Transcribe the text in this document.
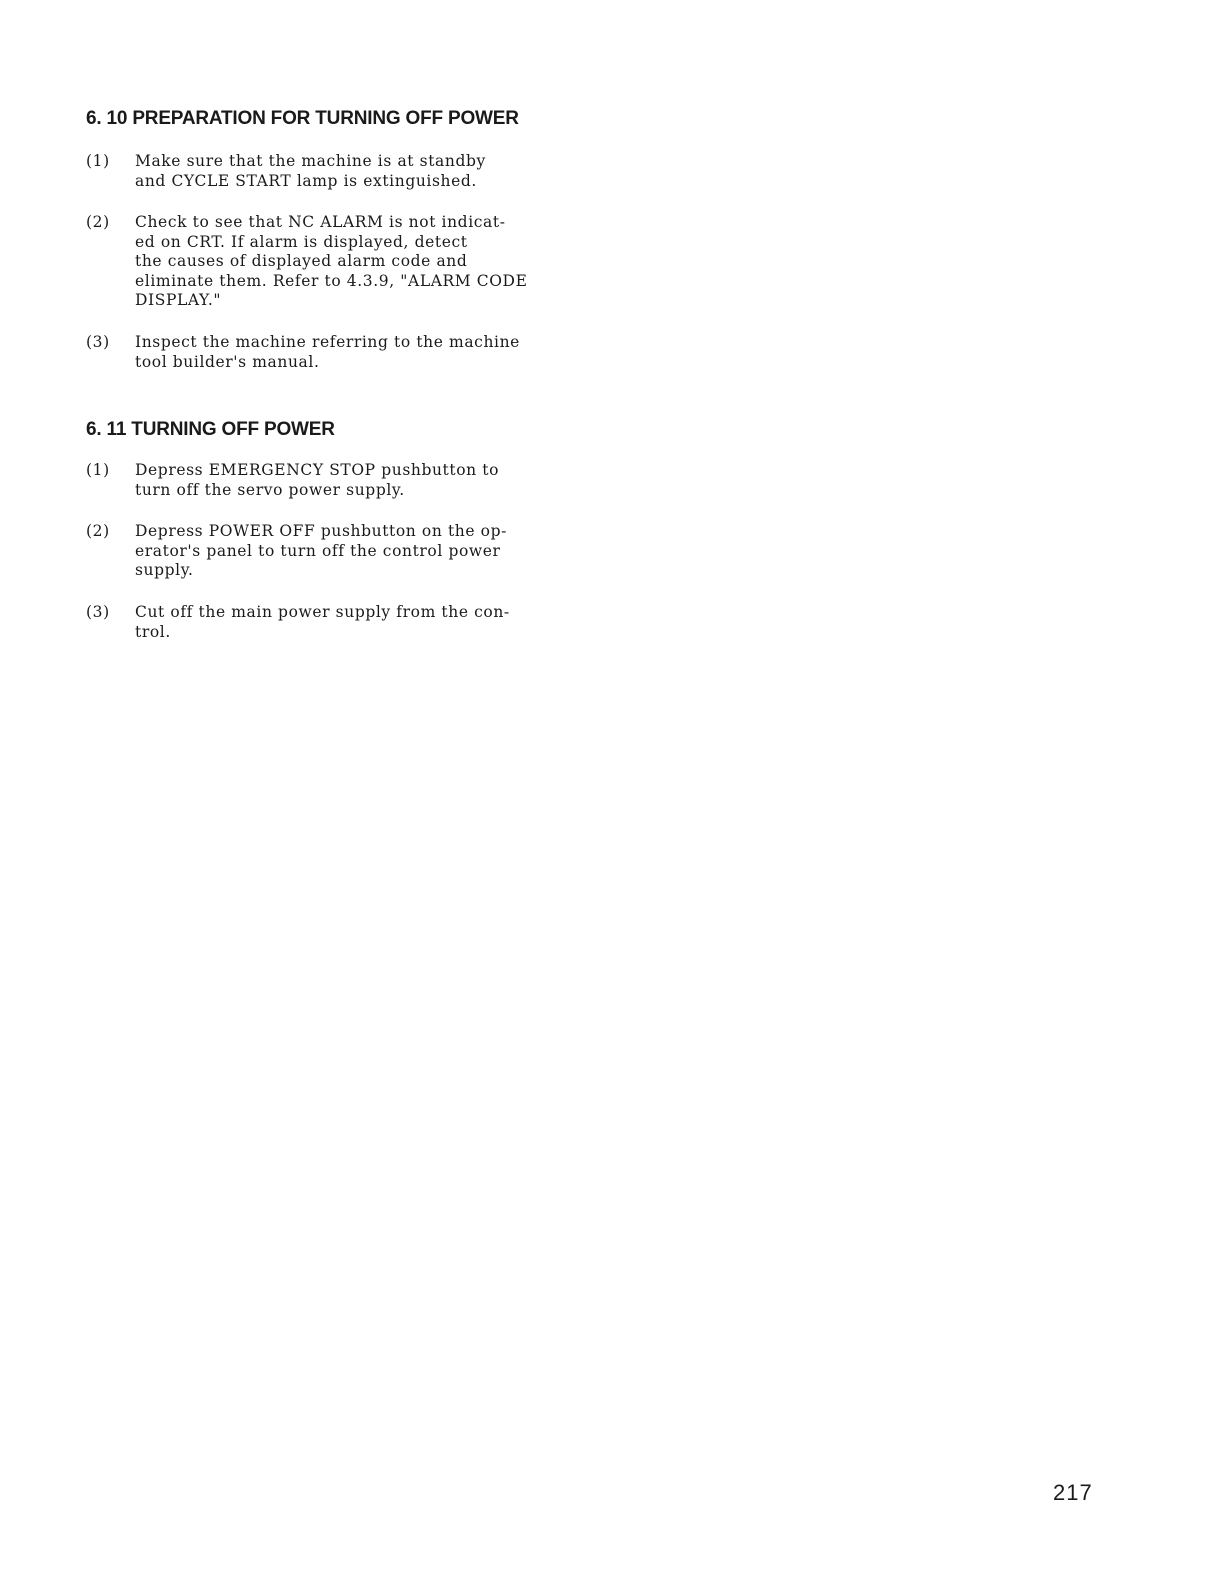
6. 10 PREPARATION FOR TURNING OFF POWER
(1)	Make sure that the machine is at standby
and CYCLE START lamp is extinguished.
(2)	Check to see that NC ALARM is not indicat-
ed on CRT. If alarm is displayed, detect
the causes of displayed alarm code and
eliminate them. Refer to 4.3.9, "ALARM CODE
DISPLAY."
(3)	Inspect the machine referring to the machine
tool builder's manual.
6. 11 TURNING OFF POWER
(1)	Depress EMERGENCY STOP pushbutton to
turn off the servo power supply.
(2)	Depress POWER OFF pushbutton on the op-
erator's panel to turn off the control power
supply.
(3)	Cut off the main power supply from the con-
trol.
217
